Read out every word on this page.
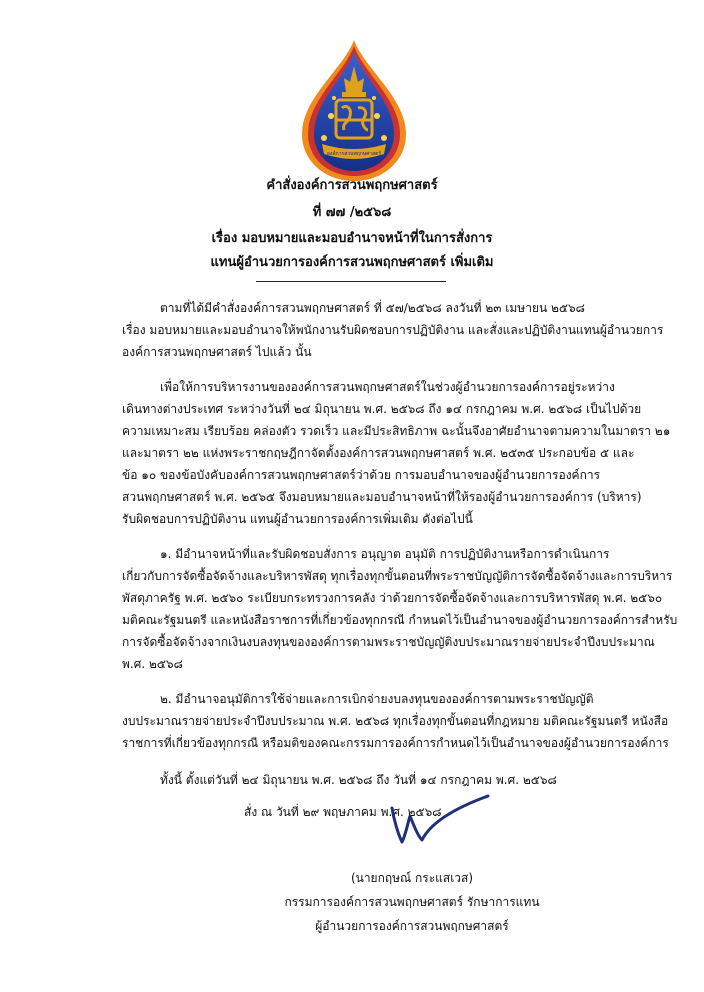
องค์การสวนพฤกษศาสตร์
คำสั่งองค์การสวนพฤกษศาสตร์
ที่ ๗๗ /๒๕๖๘
เรื่อง มอบหมายและมอบอำนาจหน้าที่ในการสั่งการ
แทนผู้อำนวยการองค์การสวนพฤกษศาสตร์ เพิ่มเติม
ตามที่ได้มีคำสั่งองค์การสวนพฤกษศาสตร์ ที่ ๕๗/๒๕๖๘ ลงวันที่ ๒๓ เมษายน ๒๕๖๘
เรื่อง มอบหมายและมอบอำนาจให้พนักงานรับผิดชอบการปฏิบัติงาน และสั่งและปฏิบัติงานแทนผู้อำนวยการ
องค์การสวนพฤกษศาสตร์ ไปแล้ว นั้น
เพื่อให้การบริหารงานขององค์การสวนพฤกษศาสตร์ในช่วงผู้อำนวยการองค์การอยู่ระหว่าง
เดินทางต่างประเทศ ระหว่างวันที่ ๒๔ มิถุนายน พ.ศ. ๒๕๖๘ ถึง ๑๔ กรกฎาคม พ.ศ. ๒๕๖๘ เป็นไปด้วย
ความเหมาะสม เรียบร้อย คล่องตัว รวดเร็ว และมีประสิทธิภาพ ฉะนั้นจึงอาศัยอำนาจตามความในมาตรา ๒๑
และมาตรา ๒๒ แห่งพระราชกฤษฎีกาจัดตั้งองค์การสวนพฤกษศาสตร์ พ.ศ. ๒๕๓๕ ประกอบข้อ ๕ และ
ข้อ ๑๐ ของข้อบังคับองค์การสวนพฤกษศาสตร์ว่าด้วย การมอบอำนาจของผู้อำนวยการองค์การ
สวนพฤกษศาสตร์ พ.ศ. ๒๕๖๕ จึงมอบหมายและมอบอำนาจหน้าที่ให้รองผู้อำนวยการองค์การ (บริหาร)
รับผิดชอบการปฏิบัติงาน แทนผู้อำนวยการองค์การเพิ่มเติม ดังต่อไปนี้
๑. มีอำนาจหน้าที่และรับผิดชอบสั่งการ อนุญาต อนุมัติ การปฏิบัติงานหรือการดำเนินการ
เกี่ยวกับการจัดซื้อจัดจ้างและบริหารพัสดุ ทุกเรื่องทุกขั้นตอนที่พระราชบัญญัติการจัดซื้อจัดจ้างและการบริหาร
พัสดุภาครัฐ พ.ศ. ๒๕๖๐ ระเบียบกระทรวงการคลัง ว่าด้วยการจัดซื้อจัดจ้างและการบริหารพัสดุ พ.ศ. ๒๕๖๐
มติคณะรัฐมนตรี และหนังสือราชการที่เกี่ยวข้องทุกกรณี กำหนดไว้เป็นอำนาจของผู้อำนวยการองค์การสำหรับ
การจัดซื้อจัดจ้างจากเงินงบลงทุนขององค์การตามพระราชบัญญัติงบประมาณรายจ่ายประจำปีงบประมาณ
พ.ศ. ๒๕๖๘
๒. มีอำนาจอนุมัติการใช้จ่ายและการเบิกจ่ายงบลงทุนขององค์การตามพระราชบัญญัติ
งบประมาณรายจ่ายประจำปีงบประมาณ พ.ศ. ๒๕๖๘ ทุกเรื่องทุกขั้นตอนที่กฎหมาย มติคณะรัฐมนตรี หนังสือ
ราชการที่เกี่ยวข้องทุกกรณี หรือมติของคณะกรรมการองค์การกำหนดไว้เป็นอำนาจของผู้อำนวยการองค์การ
ทั้งนี้ ตั้งแต่วันที่ ๒๔ มิถุนายน พ.ศ. ๒๕๖๘ ถึง วันที่ ๑๔ กรกฎาคม พ.ศ. ๒๕๖๘
สั่ง ณ วันที่ ๒๙ พฤษภาคม พ.ศ. ๒๕๖๘
(นายกฤษณ์ กระแสเวส)
กรรมการองค์การสวนพฤกษศาสตร์ รักษาการแทน
ผู้อำนวยการองค์การสวนพฤกษศาสตร์
